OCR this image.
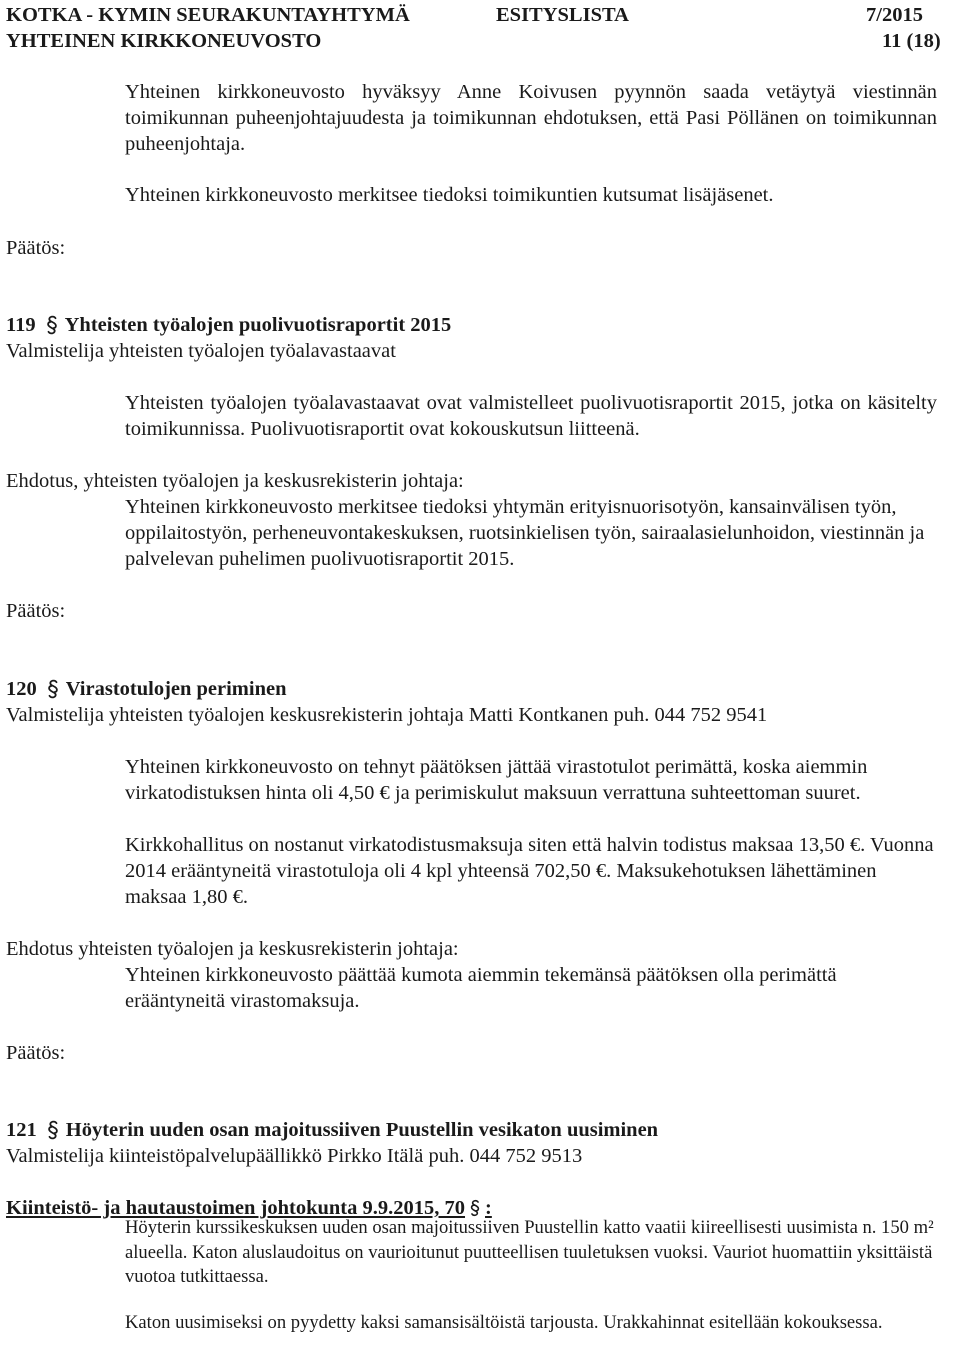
KOTKA - KYMIN SEURAKUNTAYHTYMÄ	ESITYSLISTA	7/2015
YHTEINEN KIRKKONEUVOSTO	11 (18)
Yhteinen kirkkoneuvosto hyväksyy Anne Koivusen pyynnön saada vetäytyä viestinnän toimikunnan puheenjohtajuudesta ja toimikunnan ehdotuksen, että Pasi Pöllänen on toimikunnan puheenjohtaja.
Yhteinen kirkkoneuvosto merkitsee tiedoksi toimikuntien kutsumat lisäjäsenet.
Päätös:
119 Yhteisten työalojen puolivuotisraportit 2015
Valmistelija yhteisten työalojen työalavastaavat
Yhteisten työalojen työalavastaavat ovat valmistelleet puolivuotisraportit 2015, jotka on käsitelty toimikunnissa. Puolivuotisraportit ovat kokouskutsun liitteenä.
Ehdotus, yhteisten työalojen ja keskusrekisterin johtaja:
Yhteinen kirkkoneuvosto merkitsee tiedoksi yhtymän erityisnuorisotyön, kansainvälisen työn, oppilaitostyön, perheneuvontakeskuksen, ruotsinkielisen työn, sairaalasielunhoidon, viestinnän ja palvelevan puhelimen puolivuotisraportit 2015.
Päätös:
120 Virastotulojen periminen
Valmistelija yhteisten työalojen keskusrekisterin johtaja Matti Kontkanen puh. 044 752 9541
Yhteinen kirkkoneuvosto on tehnyt päätöksen jättää virastotulot perimättä, koska aiemmin virkatodistuksen hinta oli 4,50 € ja perimiskulut maksuun verrattuna suhteettoman suuret.
Kirkkohallitus on nostanut virkatodistusmaksuja siten että halvin todistus maksaa 13,50 €. Vuonna 2014 erääntyneitä virastotuloja oli 4 kpl yhteensä 702,50 €. Maksukehotuksen lähettäminen maksaa 1,80 €.
Ehdotus yhteisten työalojen ja keskusrekisterin johtaja:
Yhteinen kirkkoneuvosto päättää kumota aiemmin tekemänsä päätöksen olla perimättä erääntyneitä virastomaksuja.
Päätös:
121 Höyterin uuden osan majoitussiiven Puustellin vesikaton uusiminen
Valmistelija kiinteistöpalvelupäällikkö Pirkko Itälä puh. 044 752 9513
Kiinteistö- ja hautaustoimen johtokunta 9.9.2015, 70 :
Höyterin kurssikeskuksen uuden osan majoitussiiven Puustellin katto vaatii kiireellisesti uusimista n. 150 m² alueella. Katon aluslaudoitus on vaurioitunut puutteellisen tuuletuksen vuoksi. Vauriot huomattiin yksittäistä vuotoa tutkittaessa.
Katon uusimiseksi on pyydetty kaksi samansisältöistä tarjousta. Urakkahinnat esitellään kokouksessa.
